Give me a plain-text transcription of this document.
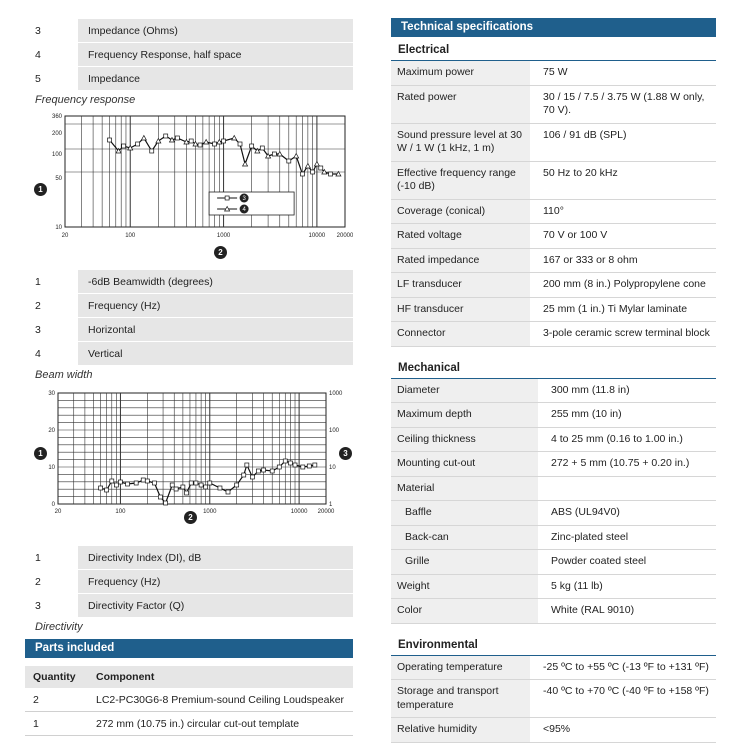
3	Impedance (Ohms)
4	Frequency Response, half space
5	Impedance
Frequency response
360
200
100
50
10
20	100	1000	10000 20000
3
4
1
2
1	-6dB Beamwidth (degrees)
2	Frequency (Hz)
3	Horizontal
4	Vertical
Beam width
30
20
10
0
1000
100
10
1
20	100	1000	10000 20000
1	3
2
1	Directivity Index (DI), dB
2	Frequency (Hz)
3	Directivity Factor (Q)
Directivity
Parts included
Quantity	Component
2	LC2-PC30G6-8 Premium-sound Ceiling Loudspeaker
1	272 mm (10.75 in.) circular cut-out template
Technical specifications
Electrical
Maximum power	75 W
Rated power	30 / 15 / 7.5 / 3.75 W (1.88 W only, 70 V).
Sound pressure level at 30 W / 1 W (1 kHz, 1 m)	106 / 91 dB (SPL)
Effective frequency range (-10 dB)	50 Hz to 20 kHz
Coverage (conical)	110°
Rated voltage	70 V or 100 V
Rated impedance	167 or 333 or 8 ohm
LF transducer	200 mm (8 in.) Polypropylene cone
HF transducer	25 mm (1 in.) Ti Mylar laminate
Connector	3-pole ceramic screw terminal block
Mechanical
Diameter	300 mm (11.8 in)
Maximum depth	255 mm (10 in)
Ceiling thickness	4 to 25 mm (0.16 to 1.00 in.)
Mounting cut-out	272 + 5 mm (10.75 + 0.20 in.)
Material	
Baffle	ABS (UL94V0)
Back-can	Zinc-plated steel
Grille	Powder coated steel
Weight	5 kg (11 lb)
Color	White (RAL 9010)
Environmental
Operating temperature	-25 ºC to +55 ºC (-13 ºF to +131 ºF)
Storage and transport temperature	-40 ºC to +70 ºC (-40 ºF to +158 ºF)
Relative humidity	<95%
